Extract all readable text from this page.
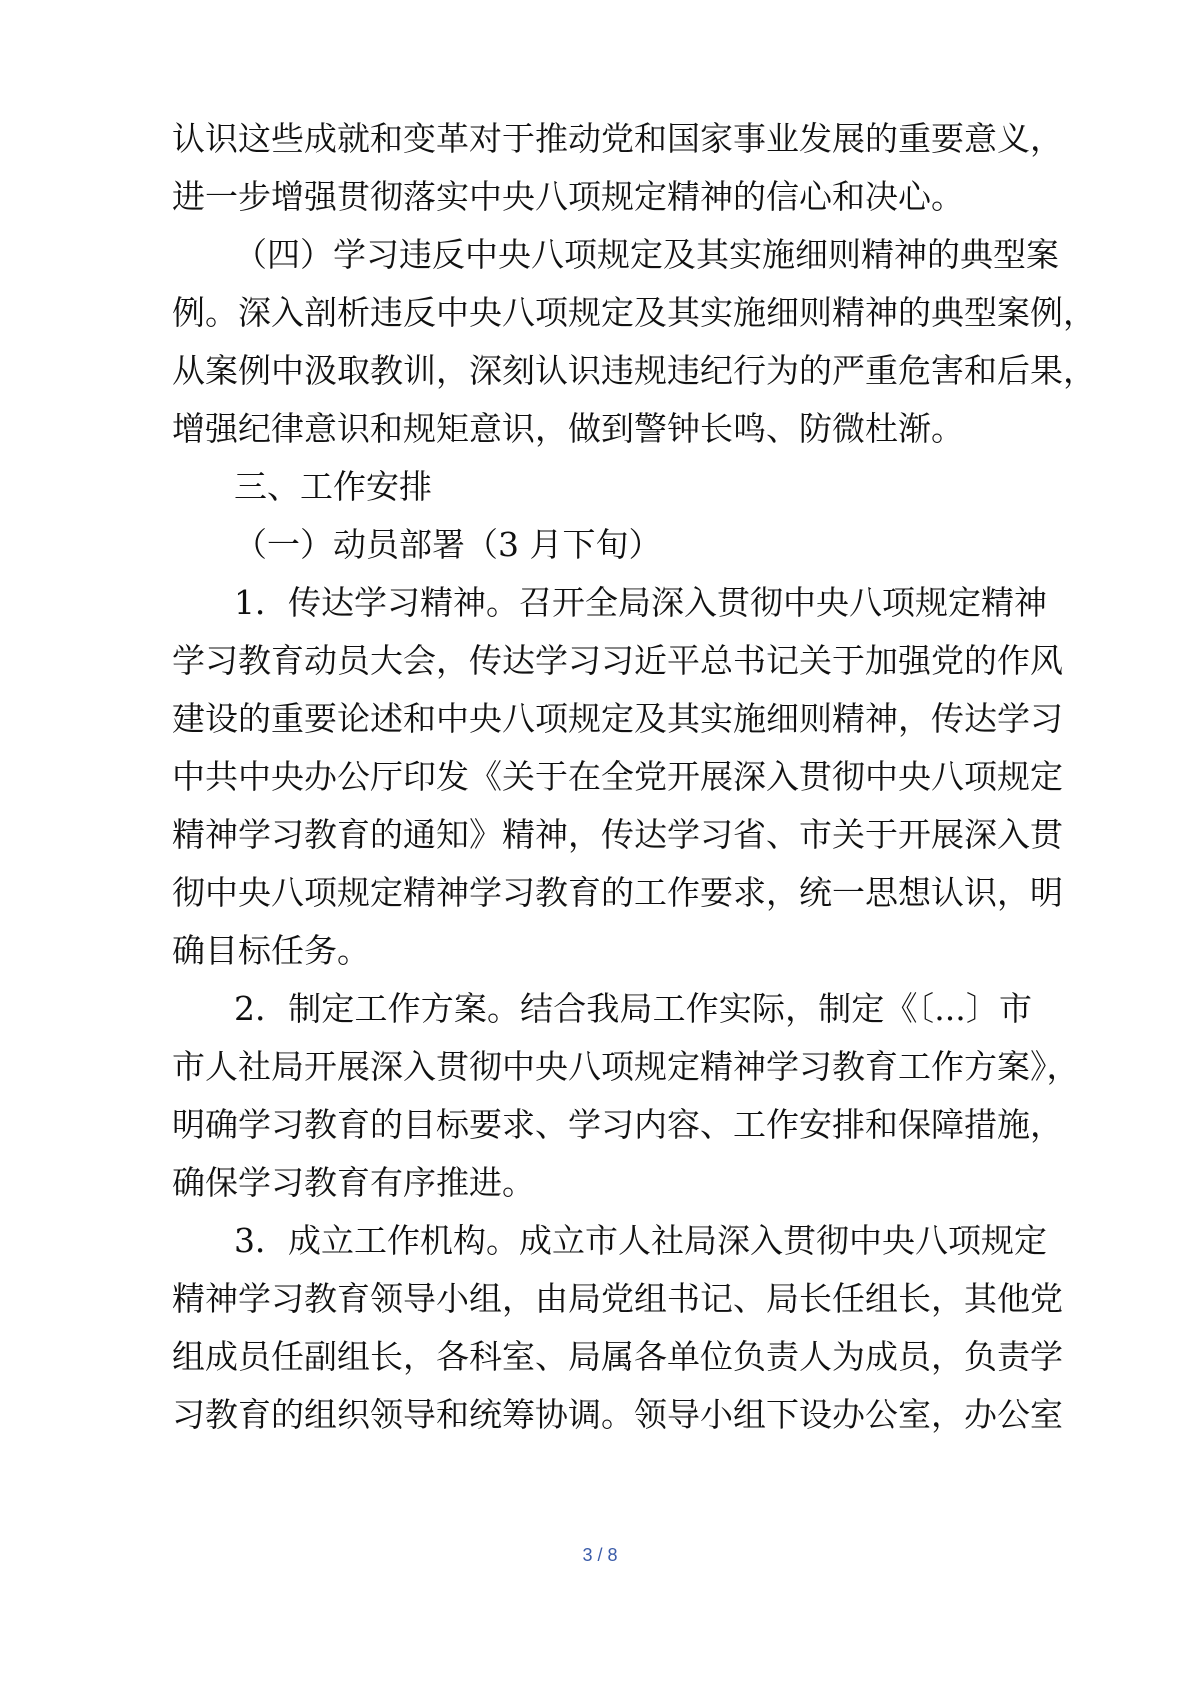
认识这些成就和变革对于推动党和国家事业发展的重要意义，
进一步增强贯彻落实中央八项规定精神的信心和决心。

（四）学习违反中央八项规定及其实施细则精神的典型案
例。深入剖析违反中央八项规定及其实施细则精神的典型案例，
从案例中汲取教训，深刻认识违规违纪行为的严重危害和后果，
增强纪律意识和规矩意识，做到警钟长鸣、防微杜渐。

三、工作安排

（一）动员部署（3 月下旬）

1．传达学习精神。召开全局深入贯彻中央八项规定精神
学习教育动员大会，传达学习习近平总书记关于加强党的作风
建设的重要论述和中央八项规定及其实施细则精神，传达学习
中共中央办公厅印发《关于在全党开展深入贯彻中央八项规定
精神学习教育的通知》精神，传达学习省、市关于开展深入贯
彻中央八项规定精神学习教育的工作要求，统一思想认识，明
确目标任务。

2．制定工作方案。结合我局工作实际，制定《〔...〕市
市人社局开展深入贯彻中央八项规定精神学习教育工作方案》，
明确学习教育的目标要求、学习内容、工作安排和保障措施，
确保学习教育有序推进。

3．成立工作机构。成立市人社局深入贯彻中央八项规定
精神学习教育领导小组，由局党组书记、局长任组长，其他党
组成员任副组长，各科室、局属各单位负责人为成员，负责学
习教育的组织领导和统筹协调。领导小组下设办公室，办公室

3 / 8
